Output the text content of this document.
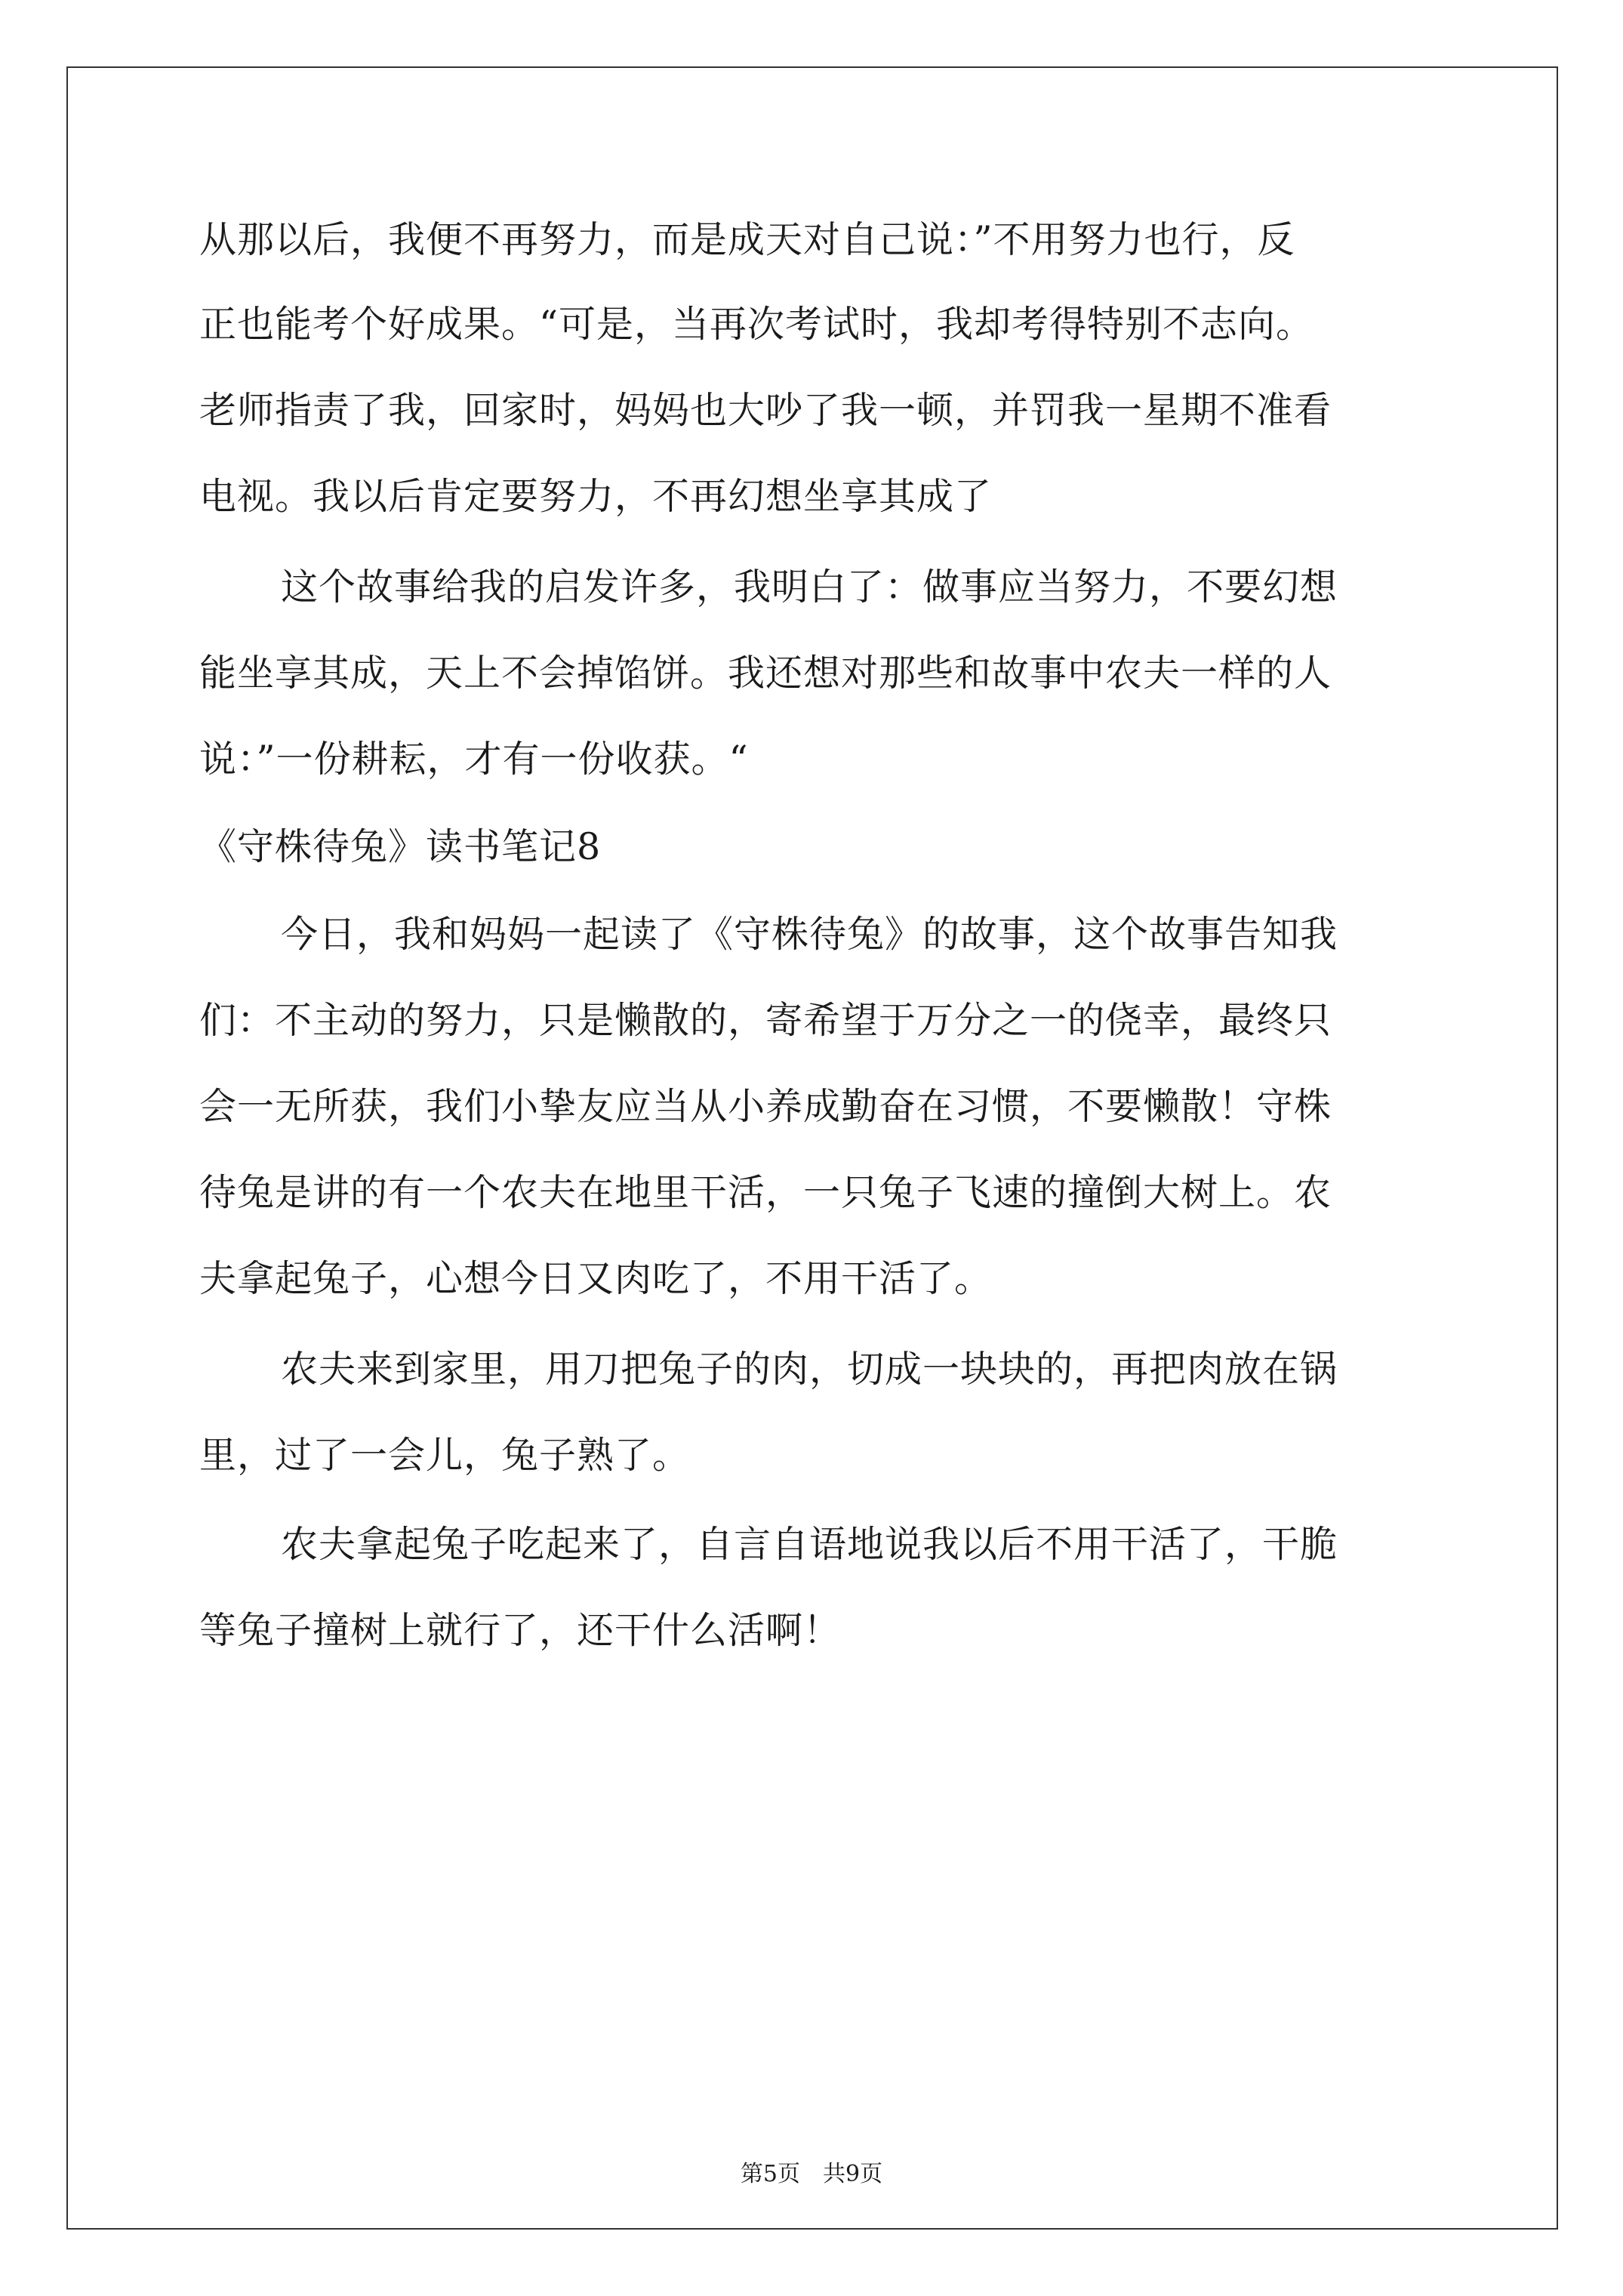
从那以后，我便不再努力，而是成天对自己说：”不用努力也行，反
正也能考个好成果。“可是，当再次考试时，我却考得特别不志向。
老师指责了我，回家时，妈妈也大吵了我一顿，并罚我一星期不准看
电视。我以后肯定要努力，不再幻想坐享其成了
这个故事给我的启发许多，我明白了：做事应当努力，不要幻想
能坐享其成，天上不会掉馅饼。我还想对那些和故事中农夫一样的人
说：”一份耕耘，才有一份收获。“
《守株待兔》读书笔记8
今日，我和妈妈一起读了《守株待兔》的故事，这个故事告知我
们：不主动的努力，只是懒散的，寄希望于万分之一的侥幸，最终只
会一无所获，我们小挚友应当从小养成勤奋在习惯，不要懒散！守株
待兔是讲的有一个农夫在地里干活，一只兔子飞速的撞倒大树上。农
夫拿起兔子，心想今日又肉吃了，不用干活了。
农夫来到家里，用刀把兔子的肉，切成一块块的，再把肉放在锅
里，过了一会儿，兔子熟了。
农夫拿起兔子吃起来了，自言自语地说我以后不用干活了，干脆
等兔子撞树上就行了，还干什么活啊！
第5页　共9页
